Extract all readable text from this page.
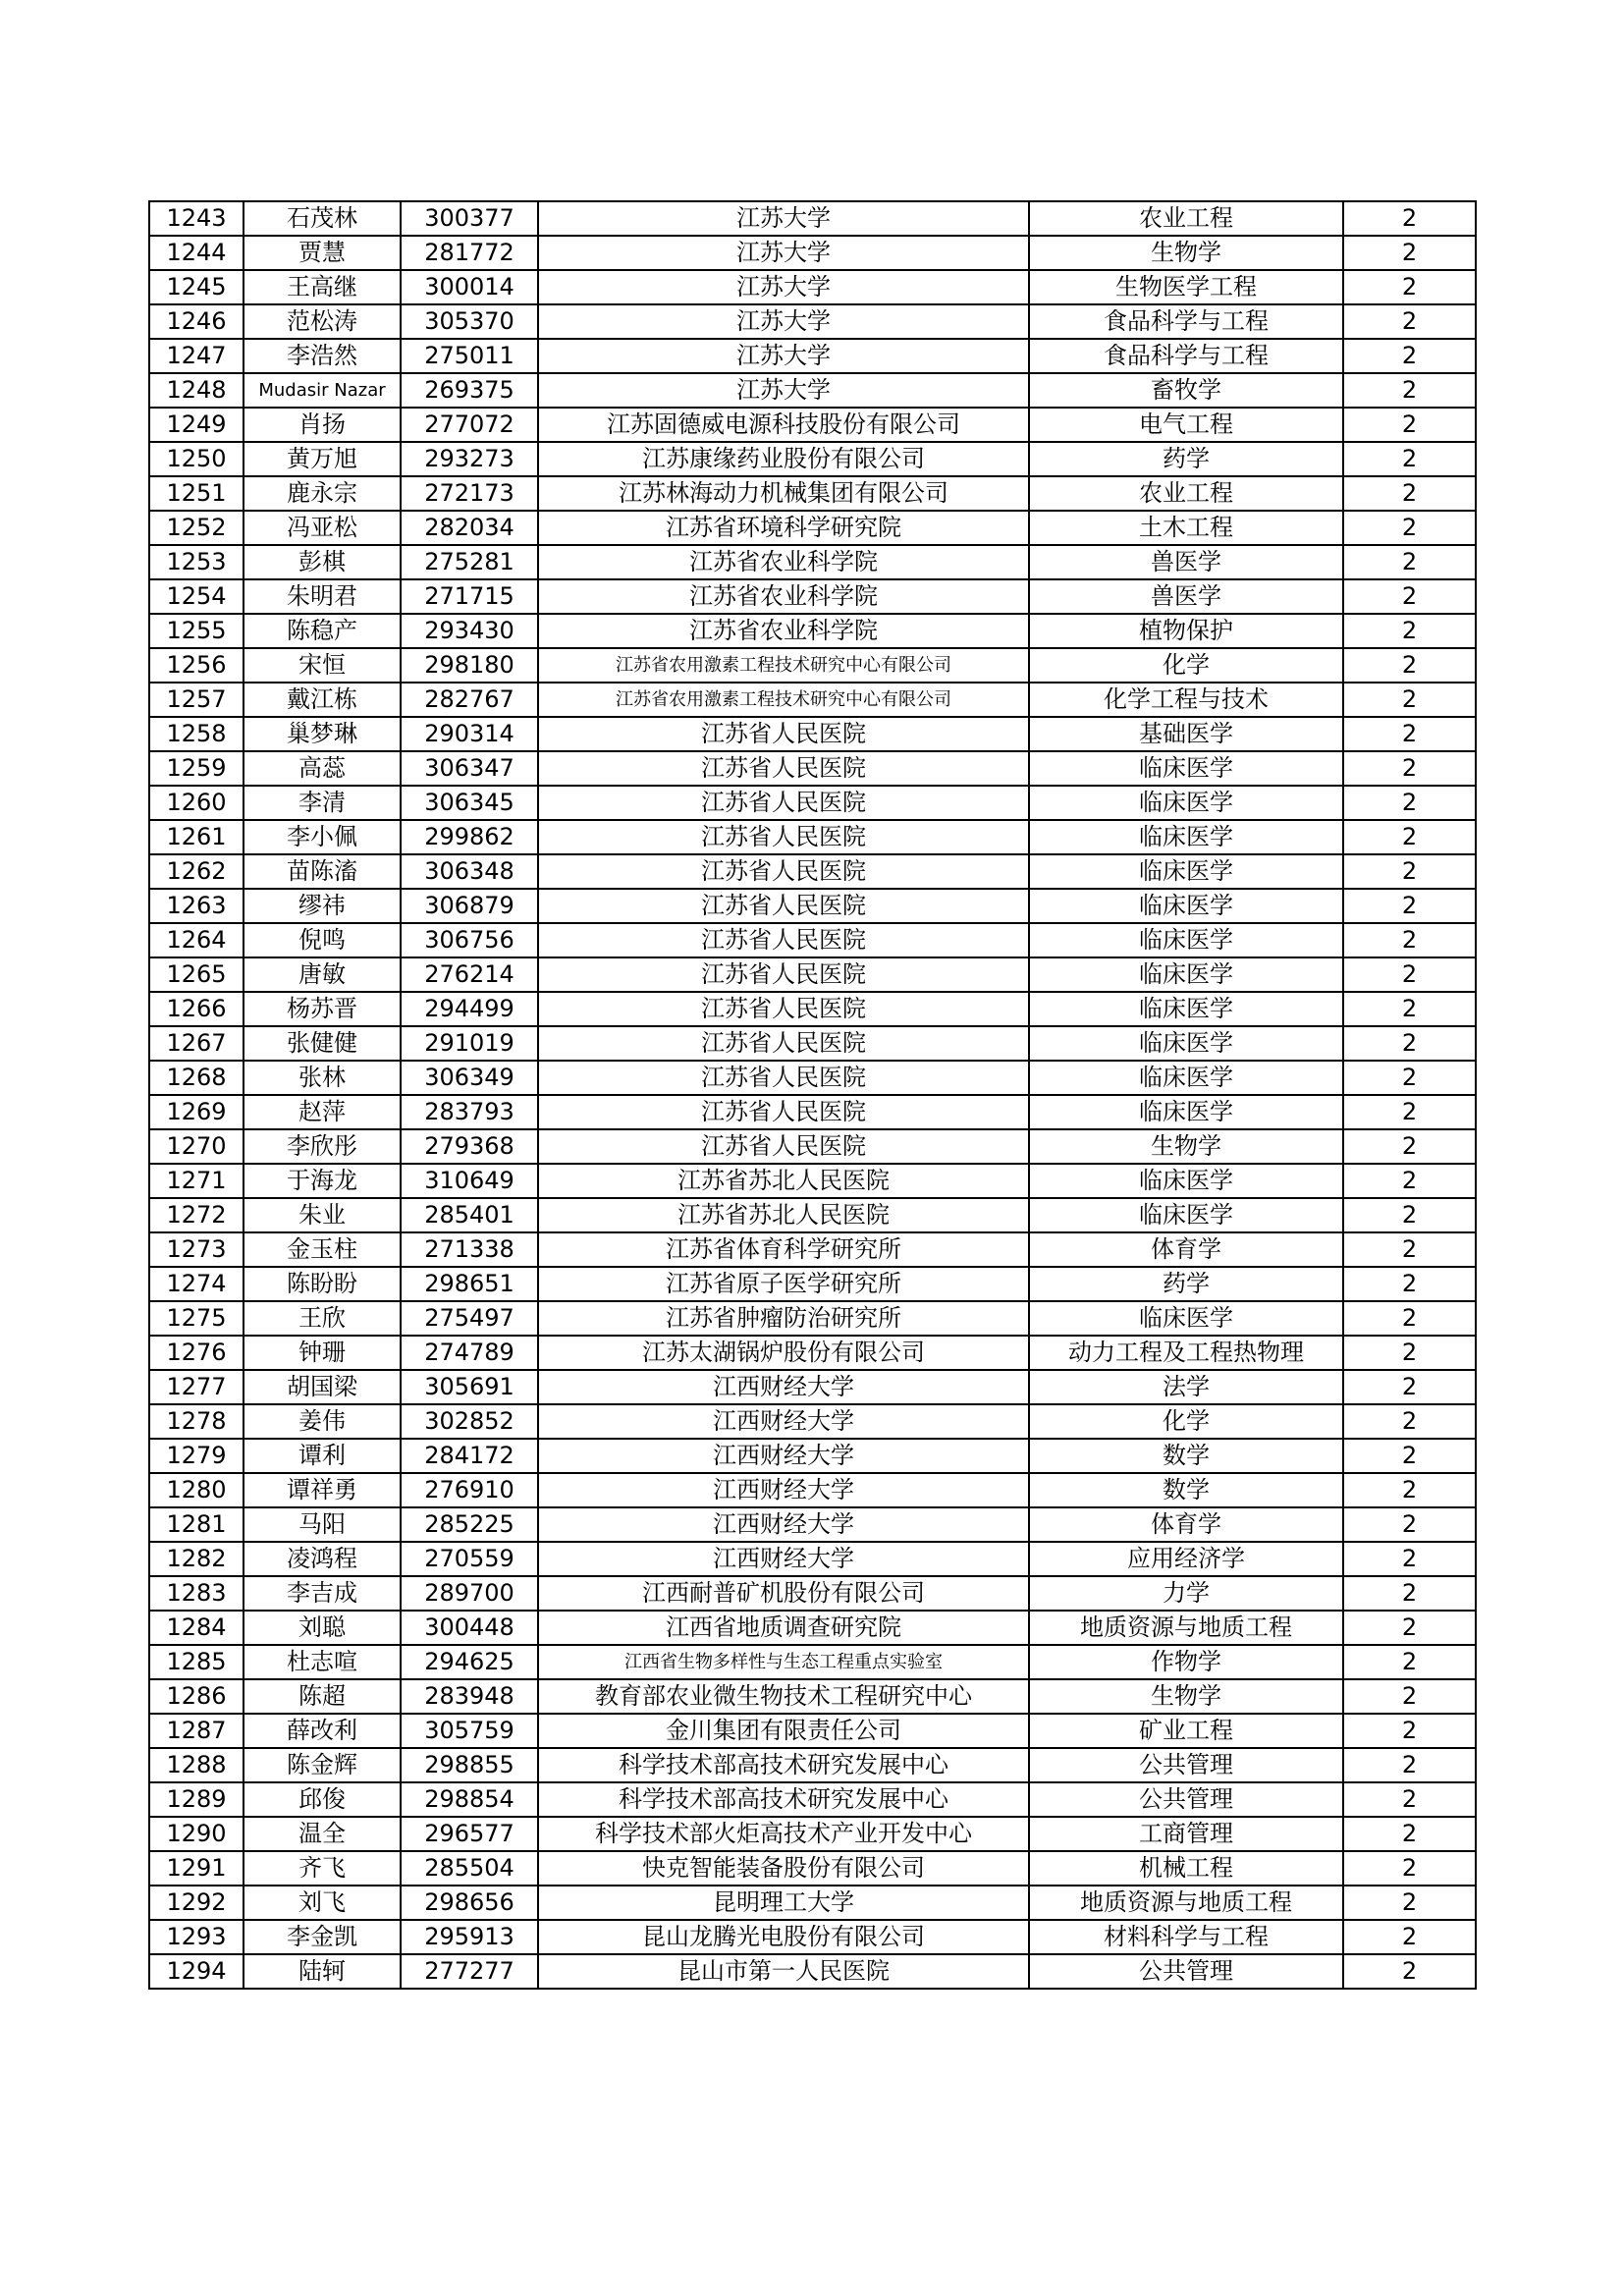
1243	石茂林	300377	江苏大学	农业工程	2
1244	贾慧	281772	江苏大学	生物学	2
1245	王高继	300014	江苏大学	生物医学工程	2
1246	范松涛	305370	江苏大学	食品科学与工程	2
1247	李浩然	275011	江苏大学	食品科学与工程	2
1248	Mudasir Nazar	269375	江苏大学	畜牧学	2
1249	肖扬	277072	江苏固德威电源科技股份有限公司	电气工程	2
1250	黄万旭	293273	江苏康缘药业股份有限公司	药学	2
1251	鹿永宗	272173	江苏林海动力机械集团有限公司	农业工程	2
1252	冯亚松	282034	江苏省环境科学研究院	土木工程	2
1253	彭棋	275281	江苏省农业科学院	兽医学	2
1254	朱明君	271715	江苏省农业科学院	兽医学	2
1255	陈稳产	293430	江苏省农业科学院	植物保护	2
1256	宋恒	298180	江苏省农用激素工程技术研究中心有限公司	化学	2
1257	戴江栋	282767	江苏省农用激素工程技术研究中心有限公司	化学工程与技术	2
1258	巢梦琳	290314	江苏省人民医院	基础医学	2
1259	高蕊	306347	江苏省人民医院	临床医学	2
1260	李清	306345	江苏省人民医院	临床医学	2
1261	李小佩	299862	江苏省人民医院	临床医学	2
1262	苗陈滀	306348	江苏省人民医院	临床医学	2
1263	缪祎	306879	江苏省人民医院	临床医学	2
1264	倪鸣	306756	江苏省人民医院	临床医学	2
1265	唐敏	276214	江苏省人民医院	临床医学	2
1266	杨苏晋	294499	江苏省人民医院	临床医学	2
1267	张健健	291019	江苏省人民医院	临床医学	2
1268	张林	306349	江苏省人民医院	临床医学	2
1269	赵萍	283793	江苏省人民医院	临床医学	2
1270	李欣彤	279368	江苏省人民医院	生物学	2
1271	于海龙	310649	江苏省苏北人民医院	临床医学	2
1272	朱业	285401	江苏省苏北人民医院	临床医学	2
1273	金玉柱	271338	江苏省体育科学研究所	体育学	2
1274	陈盼盼	298651	江苏省原子医学研究所	药学	2
1275	王欣	275497	江苏省肿瘤防治研究所	临床医学	2
1276	钟珊	274789	江苏太湖锅炉股份有限公司	动力工程及工程热物理	2
1277	胡国梁	305691	江西财经大学	法学	2
1278	姜伟	302852	江西财经大学	化学	2
1279	谭利	284172	江西财经大学	数学	2
1280	谭祥勇	276910	江西财经大学	数学	2
1281	马阳	285225	江西财经大学	体育学	2
1282	凌鸿程	270559	江西财经大学	应用经济学	2
1283	李吉成	289700	江西耐普矿机股份有限公司	力学	2
1284	刘聪	300448	江西省地质调查研究院	地质资源与地质工程	2
1285	杜志喧	294625	江西省生物多样性与生态工程重点实验室	作物学	2
1286	陈超	283948	教育部农业微生物技术工程研究中心	生物学	2
1287	薛改利	305759	金川集团有限责任公司	矿业工程	2
1288	陈金辉	298855	科学技术部高技术研究发展中心	公共管理	2
1289	邱俊	298854	科学技术部高技术研究发展中心	公共管理	2
1290	温全	296577	科学技术部火炬高技术产业开发中心	工商管理	2
1291	齐飞	285504	快克智能装备股份有限公司	机械工程	2
1292	刘飞	298656	昆明理工大学	地质资源与地质工程	2
1293	李金凯	295913	昆山龙腾光电股份有限公司	材料科学与工程	2
1294	陆轲	277277	昆山市第一人民医院	公共管理	2
